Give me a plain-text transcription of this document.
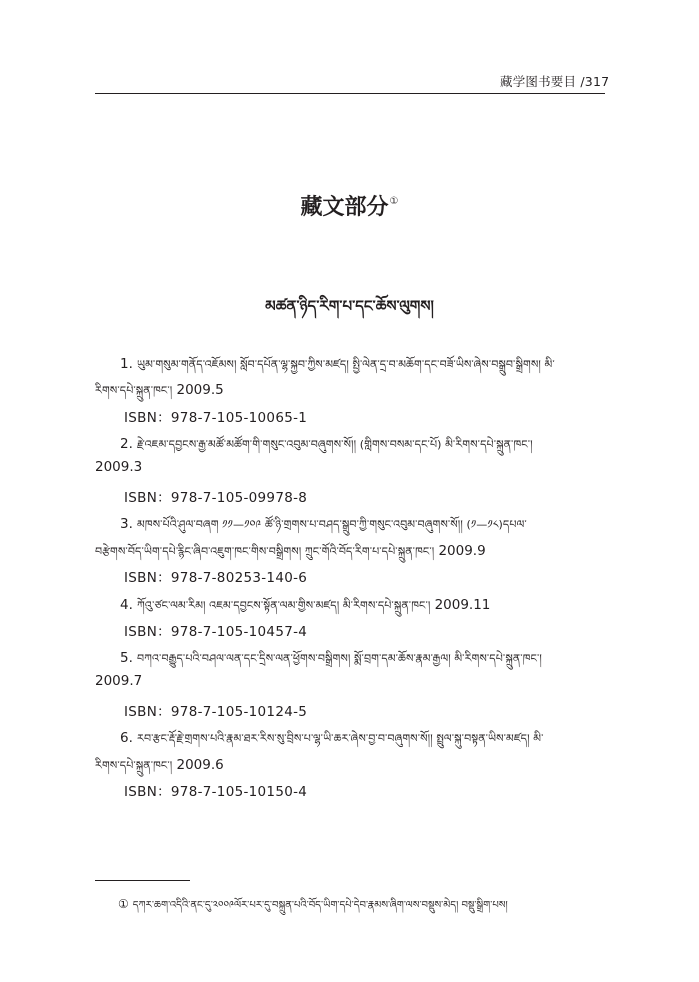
藏学图书要目 /317
藏文部分①
མཚན་ཉིད་རིག་པ་དང་ཆོས་ལུགས།
1. ཡུམ་གསུམ་གནོད་འཇོམས། སློབ་དཔོན་ལྷ་སྐྱབ་ཀྱིས་མཛད། སྤྱི་ལེན་དྲ་བ་མཆོག་དང་བཟོ་ཡིས་ཞེས་བསྒྲུབ་སྒྲིགས། མི་
རིགས་དཔེ་སྐྲུན་ཁང་། 2009.5
ISBN：978-7-105-10065-1
2. རྗེ་འཇམ་དབྱངས་རྒྱ་མཚོ་མཚོག་གི་གསུང་འབུམ་བཞུགས་སོ།། (གླིགས་བསམ་དང་པོ) མི་རིགས་དཔེ་སྐྲུན་ཁང་།
2009.3
ISBN：978-7-105-09978-8
3. མཁས་པོའི་ཤུལ་བཞག ༡༡—༡༠༩ ཚོ་ཉི་གྲགས་པ་བཤད་སྒྲུབ་ཀྱི་གསུང་འབུམ་བཞུགས་སོ།། (༡—༡༨)དཔལ་
བརྩེགས་བོད་ཡིག་དཔེ་རྙིང་ཞིབ་འཇུག་ཁང་གིས་བསྒྲིགས། ཀྲུང་གོའི་བོད་རིག་པ་དཔེ་སྐྲུན་ཁང་། 2009.9
ISBN：978-7-80253-140-6
4. ཀོའུ་ཙང་ལམ་རིམ། འཇམ་དབྱངས་སྟོན་ལམ་གྱིས་མཛད། མི་རིགས་དཔེ་སྐྲུན་ཁང་། 2009.11
ISBN：978-7-105-10457-4
5. བཀའ་བརྒྱུད་པའི་བཤལ་ལན་དང་དྲིས་ལན་ཕྱོགས་བསྒྲིགས། སྨོ་བྲག་དམ་ཆོས་རྣམ་རྒྱལ། མི་རིགས་དཔེ་སྐྲུན་ཁང་།
2009.7
ISBN：978-7-105-10124-5
6. རབ་རྩང་རྡོ་རྗེ་གྲགས་པའི་རྣམ་ཐར་རིས་སུ་བྲིས་པ་ལྷ་ཡི་ཆར་ཞེས་བྱ་བ་བཞུགས་སོ།། སྤྲུལ་སྐུ་བསྟན་ཡིས་མཛད། མི་
རིགས་དཔེ་སྐྲུན་ཁང་། 2009.6
ISBN：978-7-105-10150-4
① དཀར་ཆག་འདིའི་ནང་དུ་༢༠༠༩ལོར་པར་དུ་བསྐྲུན་པའི་བོད་ཡིག་དཔེ་དེབ་རྣམས་ཞིག་ལས་བསྡུས་མེད། བསྡུ་སྒྲིག་པས།
